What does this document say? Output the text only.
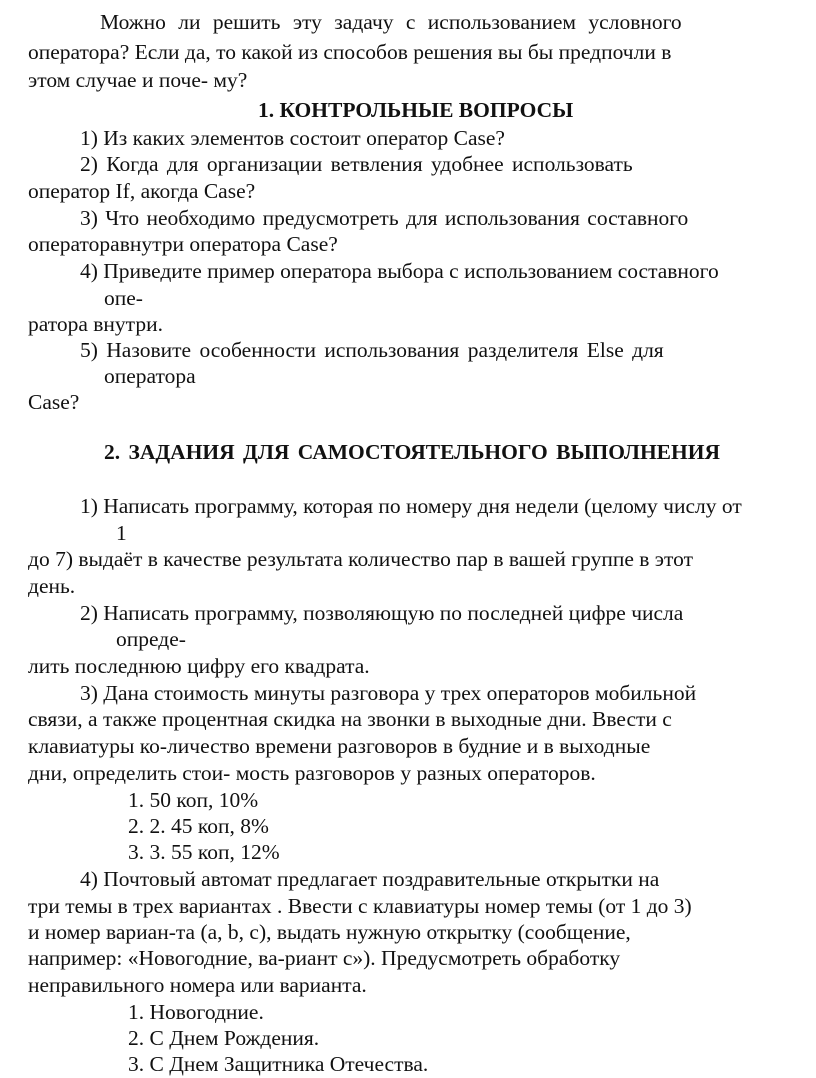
Можно ли решить эту задачу с использованием условного
оператора? Если да, то какой из способов решения вы бы предпочли в
этом случае и поче- му?
1. КОНТРОЛЬНЫЕ ВОПРОСЫ
1) Из каких элементов состоит оператор Case?
2) Когда для организации ветвления удобнее использовать
оператор If, акогда Case?
3) Что необходимо предусмотреть для использования составного
операторавнутри оператора Case?
4) Приведите пример оператора выбора с использованием составного
опе-
ратора внутри.
5) Назовите особенности использования разделителя Else для
оператора
Case?
2. ЗАДАНИЯ ДЛЯ САМОСТОЯТЕЛЬНОГО ВЫПОЛНЕНИЯ
1) Написать программу, которая по номеру дня недели (целому числу от
1
до 7) выдаёт в качестве результата количество пар в вашей группе в этот
день.
2) Написать программу, позволяющую по последней цифре числа
опреде-
лить последнюю цифру его квадрата.
3) Дана стоимость минуты разговора у трех операторов мобильной
связи, а также процентная скидка на звонки в выходные дни. Ввести с
клавиатуры ко-личество времени разговоров в будние и в выходные
дни, определить стои- мость разговоров у разных операторов.
1. 50 коп, 10%
2. 2. 45 коп, 8%
3. 3. 55 коп, 12%
4) Почтовый автомат предлагает поздравительные открытки на
три темы в трех вариантах . Ввести с клавиатуры номер темы (от 1 до 3)
и номер вариан-та (a, b, c), выдать нужную открытку (сообщение,
например: «Новогодние, ва-риант c»). Предусмотреть обработку
неправильного номера или варианта.
1. Новогодние.
2. С Днем Рождения.
3. С Днем Защитника Отечества.
